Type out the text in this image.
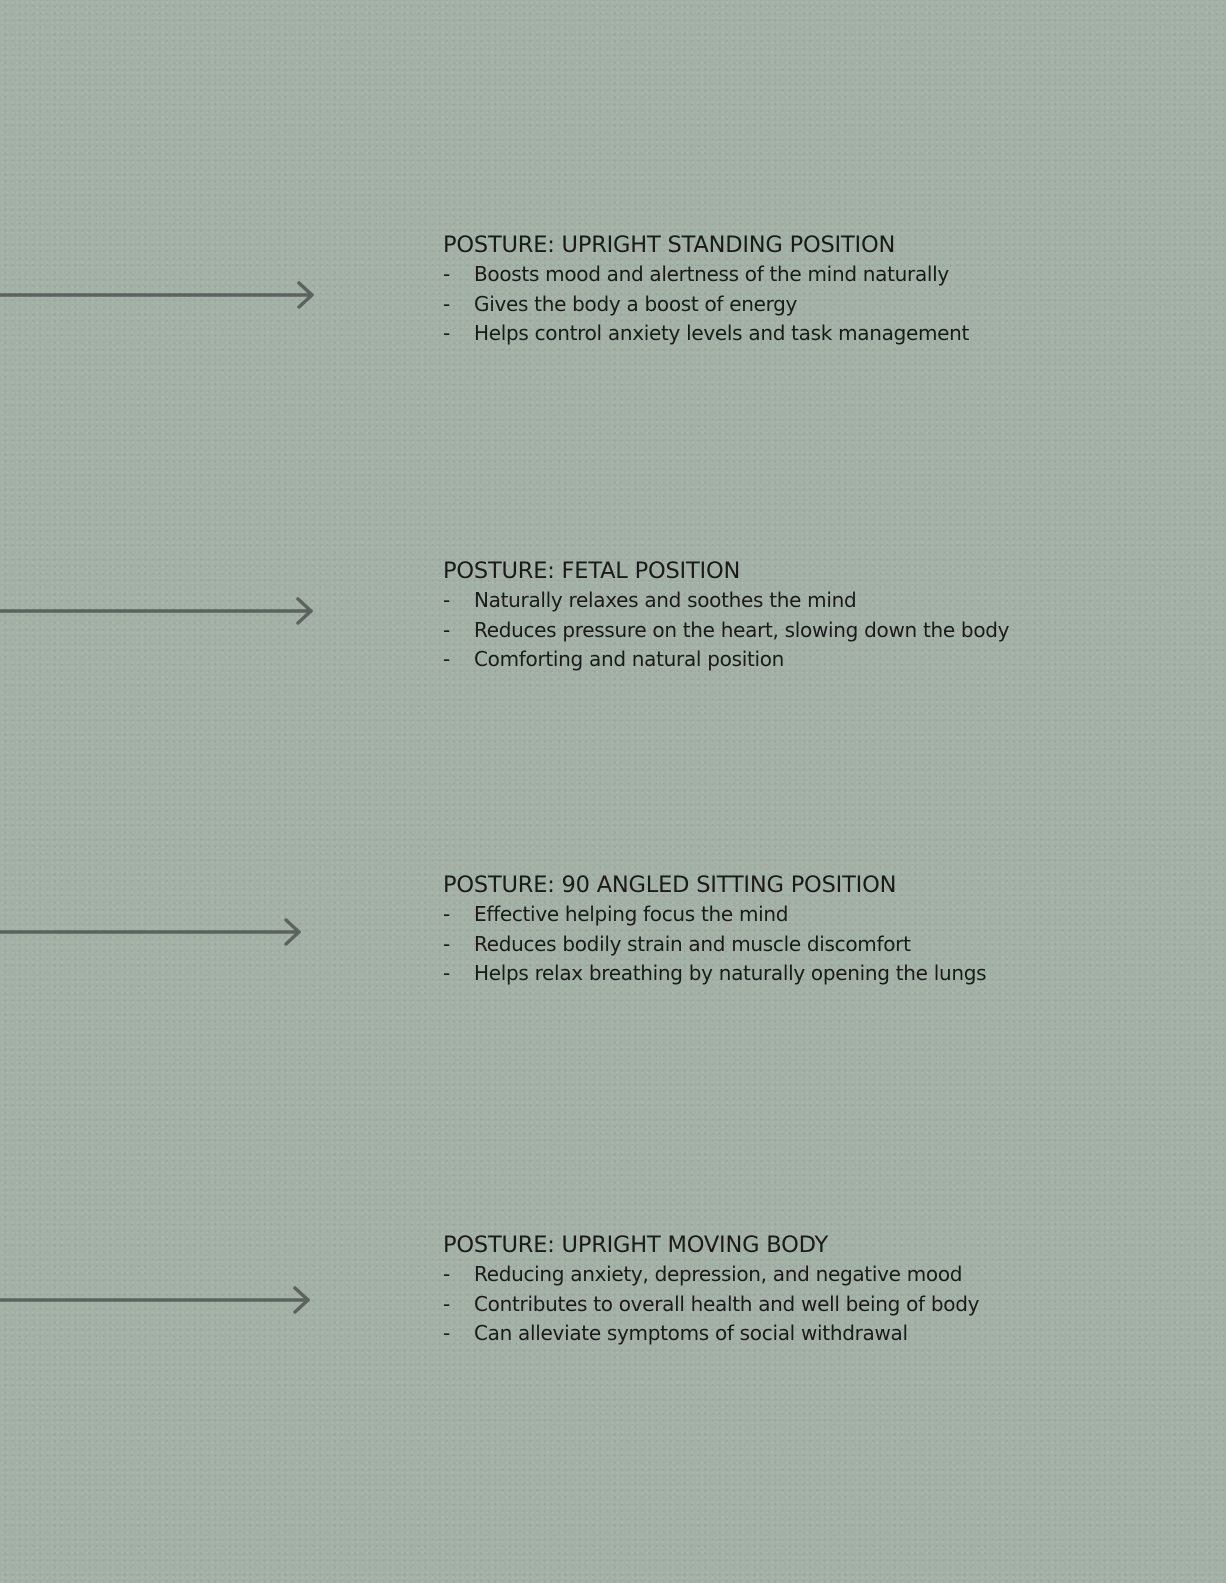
POSTURE: UPRIGHT STANDING POSITION
- Boosts mood and alertness of the mind naturally
- Gives the body a boost of energy
- Helps control anxiety levels and task management
POSTURE: FETAL POSITION
- Naturally relaxes and soothes the mind
- Reduces pressure on the heart, slowing down the body
- Comforting and natural position
POSTURE: 90 ANGLED SITTING POSITION
- Effective helping focus the mind
- Reduces bodily strain and muscle discomfort
- Helps relax breathing by naturally opening the lungs
POSTURE: UPRIGHT MOVING BODY
- Reducing anxiety, depression, and negative mood
- Contributes to overall health and well being of body
- Can alleviate symptoms of social withdrawal
